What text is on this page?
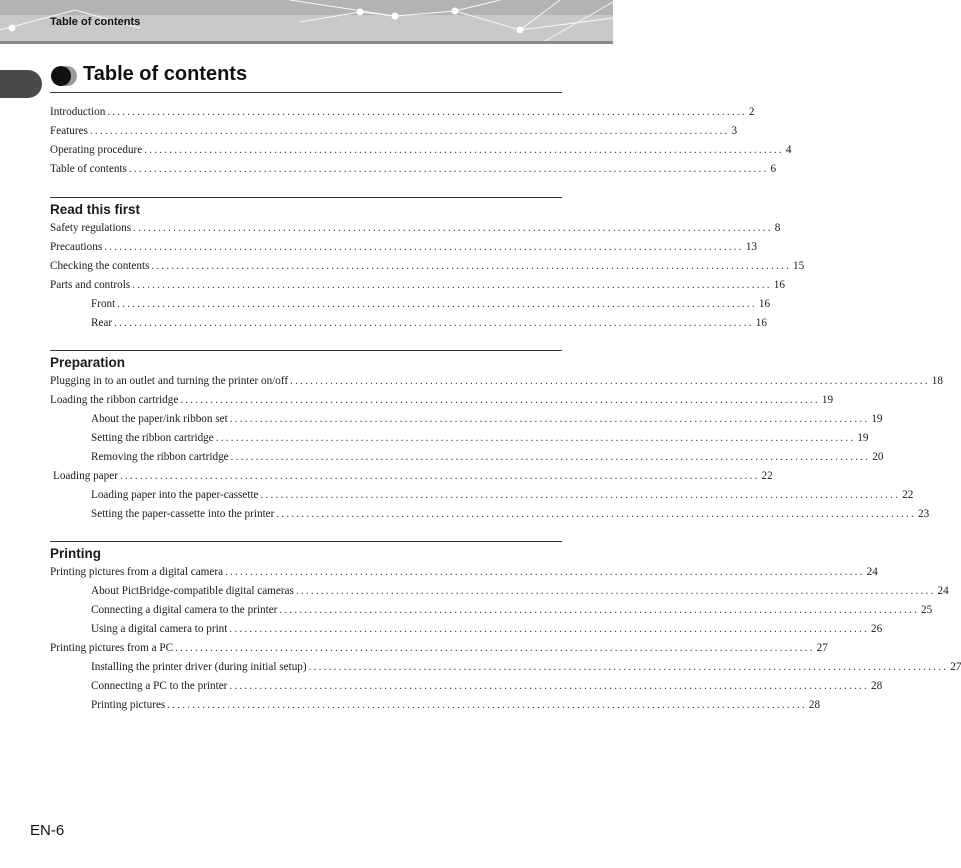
Table of contents
Table of contents
Introduction ................................................................................................................................ 2
Features ................................................................................................................................ 3
Operating procedure ................................................................................................................................ 4
Table of contents ................................................................................................................................ 6
Read this first
Safety regulations ................................................................................................................................ 8
Precautions ................................................................................................................................ 13
Checking the contents ................................................................................................................................ 15
Parts and controls ................................................................................................................................ 16
Front ................................................................................................................................ 16
Rear ................................................................................................................................ 16
Preparation
Plugging in to an outlet and turning the printer on/off ................................................................................................................................ 18
Loading the ribbon cartridge ................................................................................................................................ 19
About the paper/ink ribbon set ................................................................................................................................ 19
Setting the ribbon cartridge ................................................................................................................................ 19
Removing the ribbon cartridge ................................................................................................................................ 20
Loading paper ................................................................................................................................ 22
Loading paper into the paper-cassette ................................................................................................................................ 22
Setting the paper-cassette into the printer ................................................................................................................................ 23
Printing
Printing pictures from a digital camera ................................................................................................................................ 24
About PictBridge-compatible digital cameras ................................................................................................................................ 24
Connecting a digital camera to the printer ................................................................................................................................ 25
Using a digital camera to print ................................................................................................................................ 26
Printing pictures from a PC ................................................................................................................................ 27
Installing the printer driver (during initial setup) ................................................................................................................................ 27
Connecting a PC to the printer ................................................................................................................................ 28
Printing pictures ................................................................................................................................ 28
EN-6
